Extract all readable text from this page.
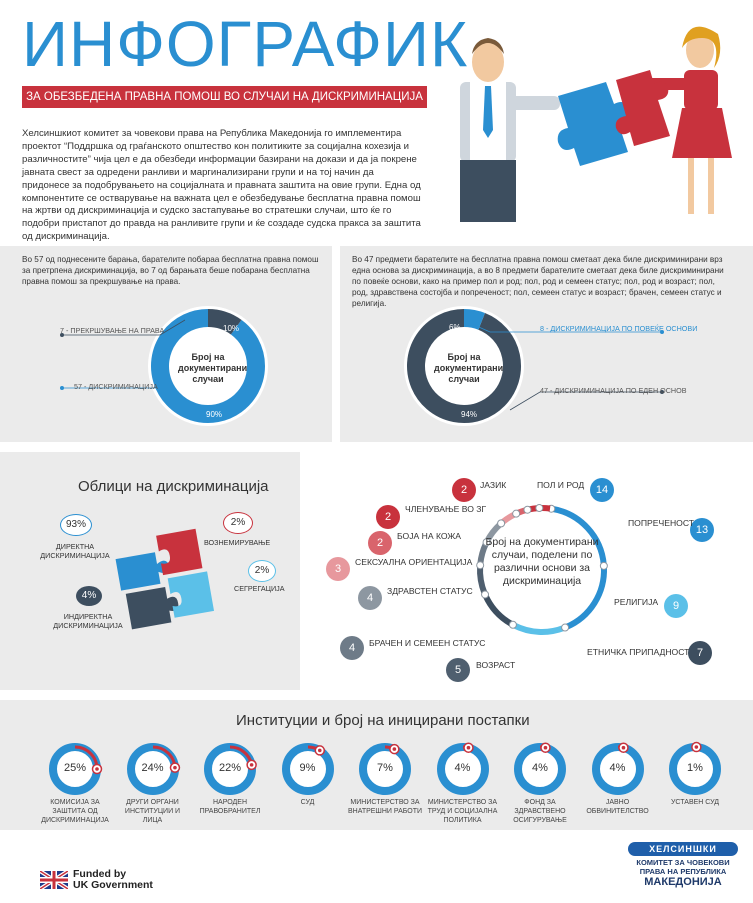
ИНФОГРАФИК
ЗА ОБЕЗБЕДЕНА ПРАВНА ПОМОШ ВО СЛУЧАИ НА ДИСКРИМИНАЦИЈА
Хелсиншкиот комитет за човекови права на Република Македонија го имплементира проектот “Поддршка од граѓанското општество кон политиките за социјална кохезија и различностите” чија цел е да обезбеди информации базирани на докази и да ја покрене јавната свест за одредени ранливи и маргинализирани групи и на тој начин да придонесе за подобрувањето на социјалната и правната заштита на овие групи. Една од компонентите се остварување на важната цел е обезбедување бесплатна правна помош на жртви од дискриминација и судско застапување во стратешки случаи, што ќе го подобри пристапот до правда на ранливите групи и ќе создаде судска пракса за заштита од дискриминација.
Во 57 од поднесените барања, барателите побараа бесплатна правна помош за претрпена дискриминација, во 7 од барањата беше побарана бесплатна правна помош за прекршување на права.
Во 47 предмети барателите на бесплатна правна помош сметаат дека биле дискриминирани врз една основа за дискриминација, а во 8 предмети барателите сметаат дека биле дискриминирани по повеќе основи, како на пример пол и род; пол, род и семеен статус; пол, род и возраст; пол, род, здравствена состојба и попреченост; пол, семеен статус и возраст; брачен, семеен статус и религија.
Број на документирани случаи
7 - ПРЕКРШУВАЊЕ НА ПРАВА
57 - ДИСКРИМИНАЦИЈА
10%
90%
Број на документирани случаи
8 - ДИСКРИМИНАЦИЈА ПО ПОВЕЌЕ ОСНОВИ
47 - ДИСКРИМИНАЦИЈА ПО ЕДЕН ОСНОВ
6%
94%
Облици на дискриминација
93%
ДИРЕКТНА ДИСКРИМИНАЦИЈА
2%
ВОЗНЕМИРУВАЊЕ
4%
ИНДИРЕКТНА ДИСКРИМИНАЦИЈА
2%
СЕГРЕГАЦИЈА
Број на документирани случаи, поделени по различни основи за дискриминација
2	ЈАЗИК	14
ПОЛ И РОД
2
ЧЛЕНУВАЊЕ ВО ЗГ
13
ПОПРЕЧЕНОСТ
2
БОЈА НА КОЖА
3
СЕКСУАЛНА ОРИЕНТАЦИЈА
4
ЗДРАВСТЕН СТАТУС
9
РЕЛИГИЈА
4	БРАЧЕН И СЕМЕЕН СТАТУС
7
ЕТНИЧКА ПРИПАДНОСТ
5	ВОЗРАСТ
Институции и број на иницирани постапки
25%
КОМИСИЈА ЗА ЗАШТИТА ОД ДИСКРИМИНАЦИЈА
24%
ДРУГИ ОРГАНИ ИНСТИТУЦИИ И ЛИЦА
22%
НАРОДЕН ПРАВОБРАНИТЕЛ
9%
СУД
7%
МИНИСТЕРСТВО ЗА ВНАТРЕШНИ РАБОТИ
4%
МИНИСТЕРСТВО ЗА ТРУД И СОЦИЈАЛНА ПОЛИТИКА
4%
ФОНД ЗА ЗДРАВСТВЕНО ОСИГУРУВАЊЕ
4%
ЈАВНО ОБВИНИТЕЛСТВО
1%
УСТАВЕН СУД
Funded by
UK Government
ХЕЛСИНШКИ
КОМИТЕТ ЗА ЧОВЕКОВИ
ПРАВА НА РЕПУБЛИКА
МАКЕДОНИЈА
